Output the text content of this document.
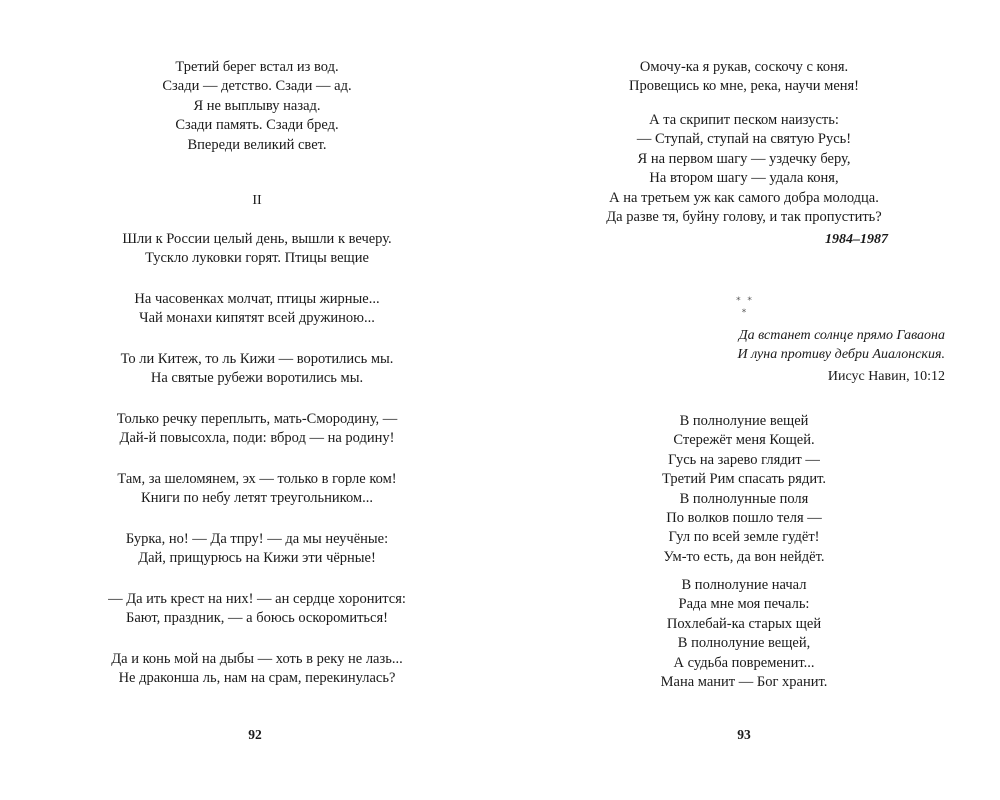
Третий берег встал из вод.
Сзади — детство. Сзади — ад.
Я не выплыву назад.
Сзади память. Сзади бред.
Впереди великий свет.
II
Шли к России целый день, вышли к вечеру.
Тускло луковки горят. Птицы вещие
На часовенках молчат, птицы жирные...
Чай монахи кипятят всей дружиною...
То ли Китеж, то ль Кижи — воротились мы.
На святые рубежи воротились мы.
Только речку переплыть, мать-Смородину, —
Дай-й повысохла, поди: вброд — на родину!
Там, за шеломянем, эх — только в горле ком!
Книги по небу летят треугольником...
Бурка, но! — Да тпру! — да мы неучёные:
Дай, прищурюсь на Кижи эти чёрные!
— Да ить крест на них! — ан сердце хоронится:
Бают, праздник, — а боюсь оскоромиться!
Да и конь мой на дыбы — хоть в реку не лазь...
Не драконша ль, нам на срам, перекинулась?
92
Омочу-ка я рукав, соскочу с коня.
Провещись ко мне, река, научи меня!
А та скрипит песком наизусть:
— Ступай, ступай на святую Русь!
Я на первом шагу — уздечку беру,
На втором шагу — удала коня,
А на третьем уж как самого добра молодца.
Да разве тя, буйну голову, и так пропустить?
1984–1987
* * *
Да встанет солнце прямо Гаваона
И луна противу дебри Аиалонския.
Иисус Навин, 10:12
В полнолуние вещей
Стережёт меня Кощей.
Гусь на зарево глядит —
Третий Рим спасать рядит.
В полнолунные поля
По волков пошло теля —
Гул по всей земле гудёт!
Ум-то есть, да вон нейдёт.
В полнолуние начал
Рада мне моя печаль:
Похлебай-ка старых щей
В полнолуние вещей,
А судьба повременит...
Мана манит — Бог хранит.
93
